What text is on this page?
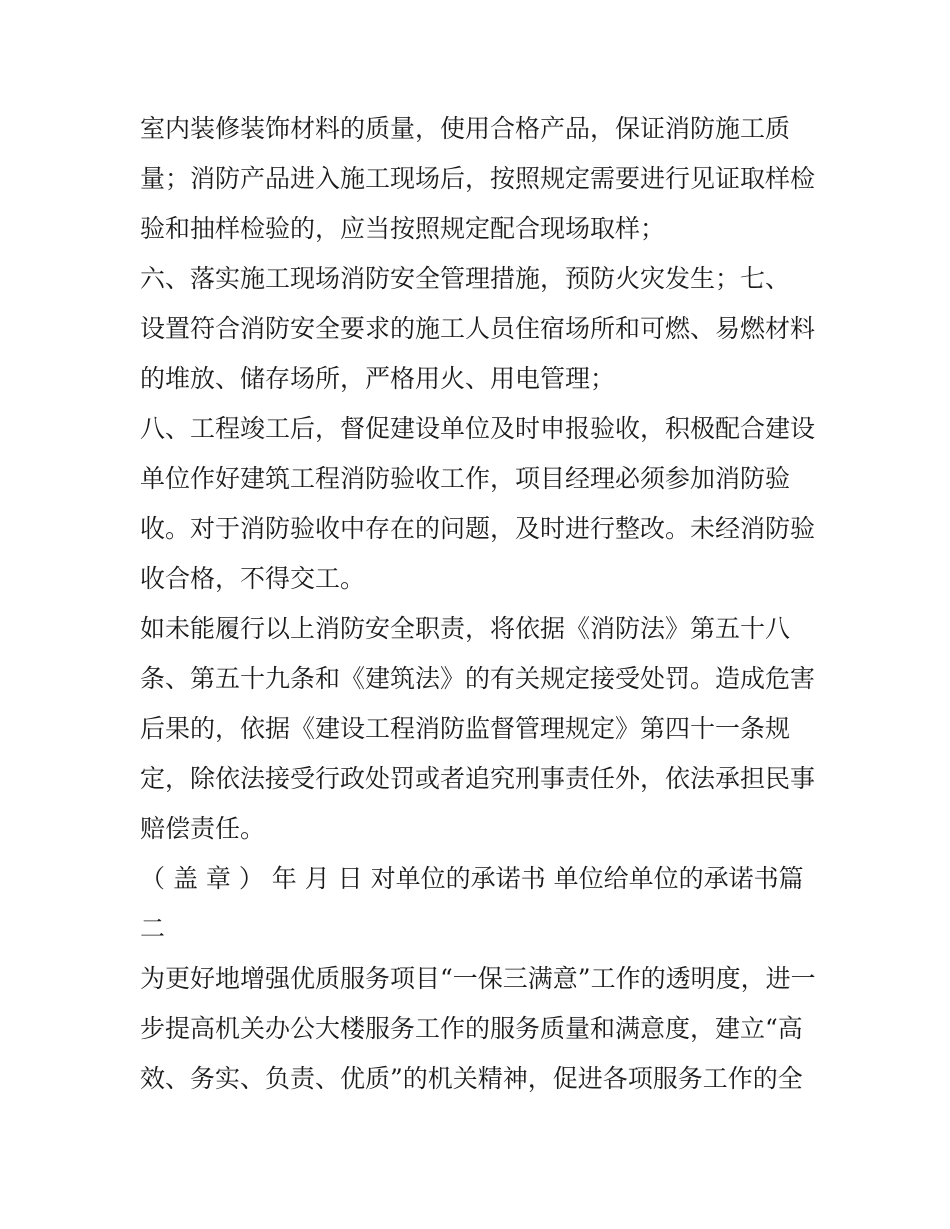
室内装修装饰材料的质量，使用合格产品，保证消防施工质
量；消防产品进入施工现场后，按照规定需要进行见证取样检
验和抽样检验的，应当按照规定配合现场取样；
六、落实施工现场消防安全管理措施，预防火灾发生；七、
设置符合消防安全要求的施工人员住宿场所和可燃、易燃材料
的堆放、储存场所，严格用火、用电管理；
八、工程竣工后，督促建设单位及时申报验收，积极配合建设
单位作好建筑工程消防验收工作，项目经理必须参加消防验
收。对于消防验收中存在的问题，及时进行整改。未经消防验
收合格，不得交工。
如未能履行以上消防安全职责，将依据《消防法》第五十八
条、第五十九条和《建筑法》的有关规定接受处罚。造成危害
后果的，依据《建设工程消防监督管理规定》第四十一条规
定，除依法接受行政处罚或者追究刑事责任外，依法承担民事
赔偿责任。
（ 盖 章 ） 年 月 日 对单位的承诺书 单位给单位的承诺书篇
二
为更好地增强优质服务项目“一保三满意”工作的透明度，进一
步提高机关办公大楼服务工作的服务质量和满意度，建立“高
效、务实、负责、优质”的机关精神，促进各项服务工作的全
